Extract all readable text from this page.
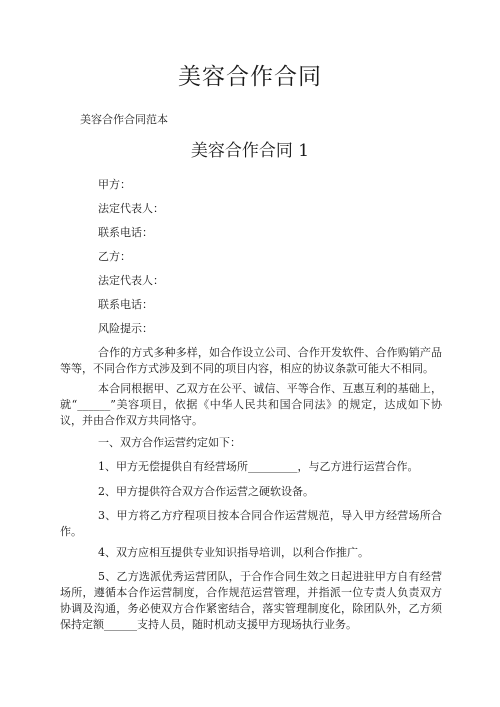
美容合作合同
美容合作合同范本
美容合作合同 1
甲方：
法定代表人：
联系电话：
乙方：
法定代表人：
联系电话：
风险提示：
合作的方式多种多样，如合作设立公司、合作开发软件、合作购销产品等等，不同合作方式涉及到不同的项目内容，相应的协议条款可能大不相同。
本合同根据甲、乙双方在公平、诚信、平等合作、互惠互利的基础上，就“______”美容项目，依据《中华人民共和国合同法》的规定，达成如下协议，并由合作双方共同恪守。
一、双方合作运营约定如下：
1、甲方无偿提供自有经营场所_________，与乙方进行运营合作。
2、甲方提供符合双方合作运营之硬软设备。
3、甲方将乙方疗程项目按本合同合作运营规范，导入甲方经营场所合作。
4、双方应相互提供专业知识指导培训，以利合作推广。
5、乙方选派优秀运营团队，于合作合同生效之日起进驻甲方自有经营场所，遵循本合作运营制度，合作规范运营管理，并指派一位专责人负责双方协调及沟通，务必使双方合作紧密结合，落实管理制度化，除团队外，乙方须保持定额______支持人员，随时机动支援甲方现场执行业务。
